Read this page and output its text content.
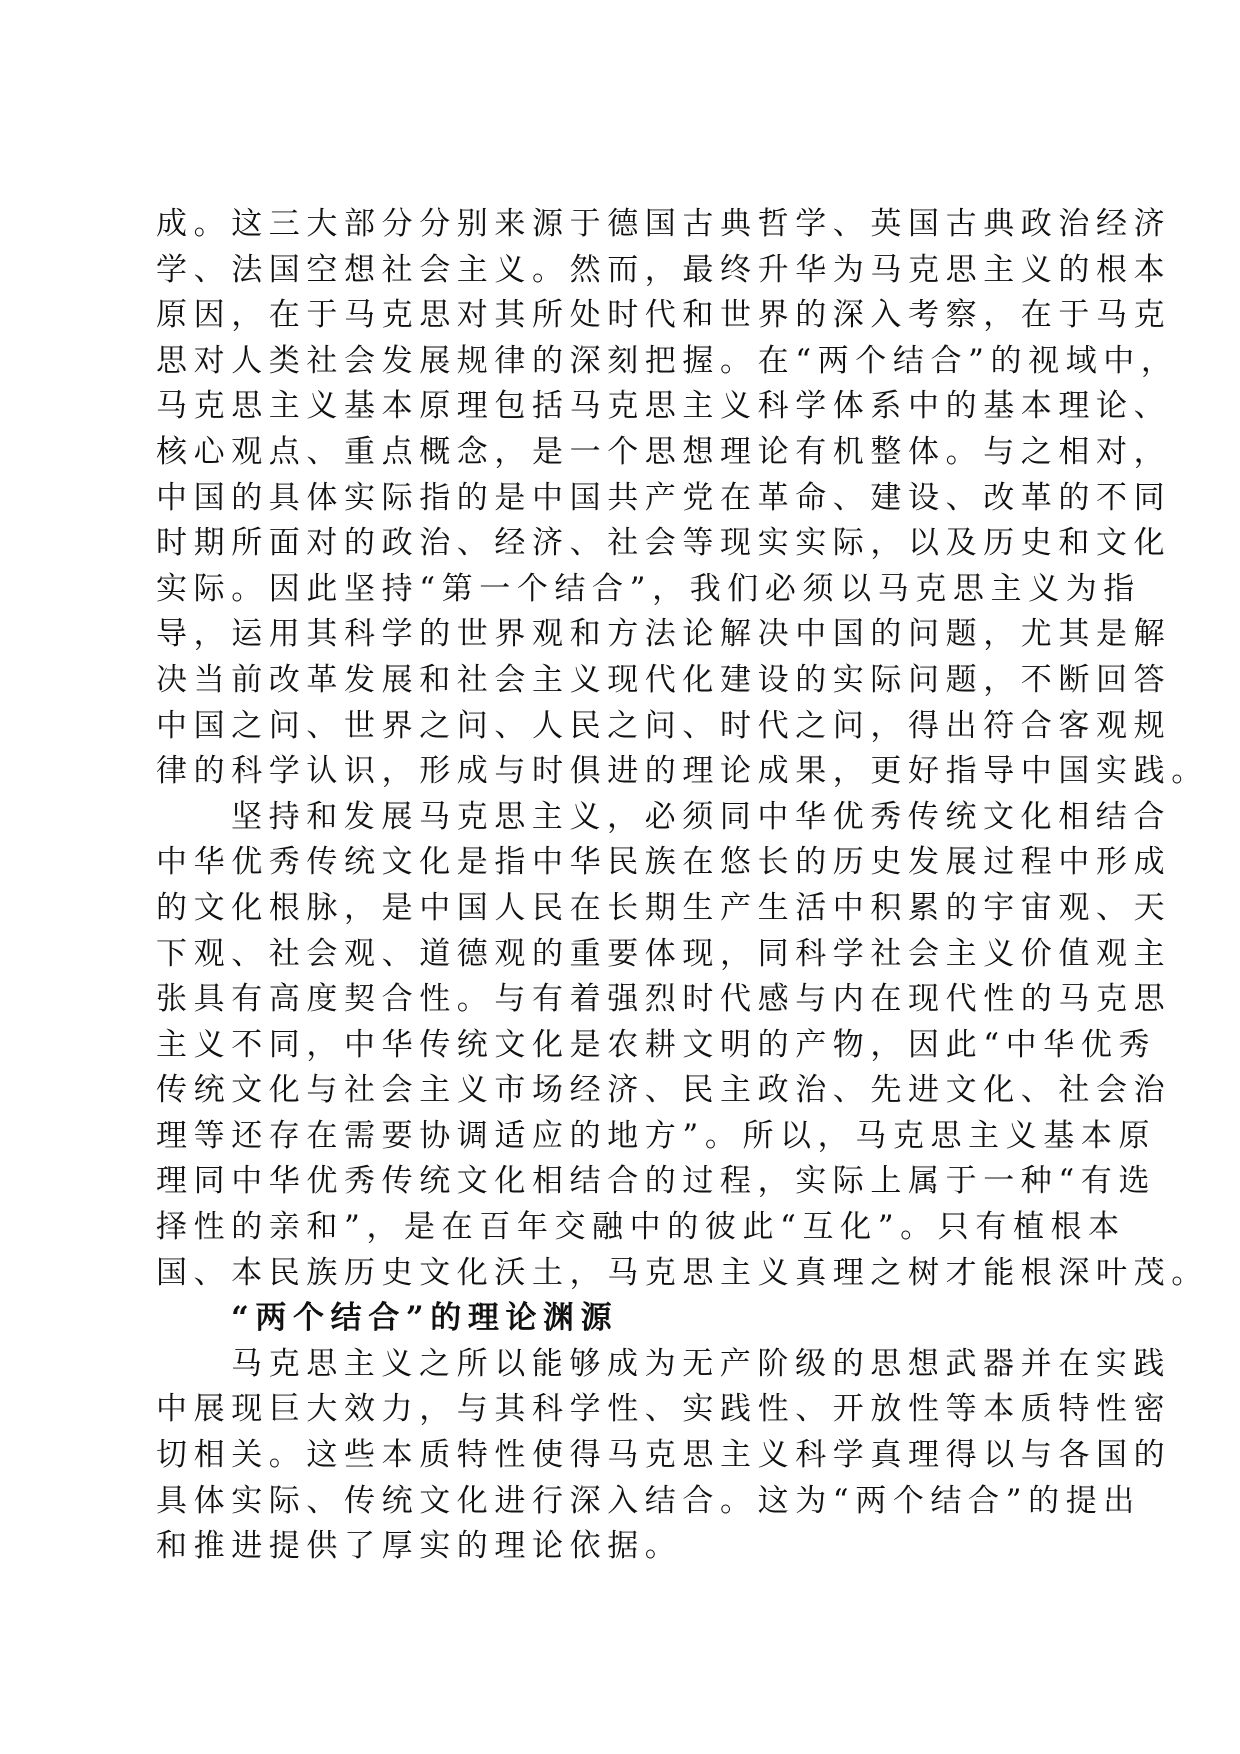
成。这三大部分分别来源于德国古典哲学、英国古典政治经济
学、法国空想社会主义。然而，最终升华为马克思主义的根本
原因，在于马克思对其所处时代和世界的深入考察，在于马克
思对人类社会发展规律的深刻把握。在“两个结合”的视域中，
马克思主义基本原理包括马克思主义科学体系中的基本理论、
核心观点、重点概念，是一个思想理论有机整体。与之相对，
中国的具体实际指的是中国共产党在革命、建设、改革的不同
时期所面对的政治、经济、社会等现实实际，以及历史和文化
实际。因此坚持“第一个结合”，我们必须以马克思主义为指
导，运用其科学的世界观和方法论解决中国的问题，尤其是解
决当前改革发展和社会主义现代化建设的实际问题，不断回答
中国之问、世界之问、人民之问、时代之问，得出符合客观规
律的科学认识，形成与时俱进的理论成果，更好指导中国实践。
坚持和发展马克思主义，必须同中华优秀传统文化相结合
中华优秀传统文化是指中华民族在悠长的历史发展过程中形成
的文化根脉，是中国人民在长期生产生活中积累的宇宙观、天
下观、社会观、道德观的重要体现，同科学社会主义价值观主
张具有高度契合性。与有着强烈时代感与内在现代性的马克思
主义不同，中华传统文化是农耕文明的产物，因此“中华优秀
传统文化与社会主义市场经济、民主政治、先进文化、社会治
理等还存在需要协调适应的地方”。所以，马克思主义基本原
理同中华优秀传统文化相结合的过程，实际上属于一种“有选
择性的亲和”，是在百年交融中的彼此“互化”。只有植根本
国、本民族历史文化沃土，马克思主义真理之树才能根深叶茂。
“两个结合”的理论渊源
马克思主义之所以能够成为无产阶级的思想武器并在实践
中展现巨大效力，与其科学性、实践性、开放性等本质特性密
切相关。这些本质特性使得马克思主义科学真理得以与各国的
具体实际、传统文化进行深入结合。这为“两个结合”的提出
和推进提供了厚实的理论依据。
